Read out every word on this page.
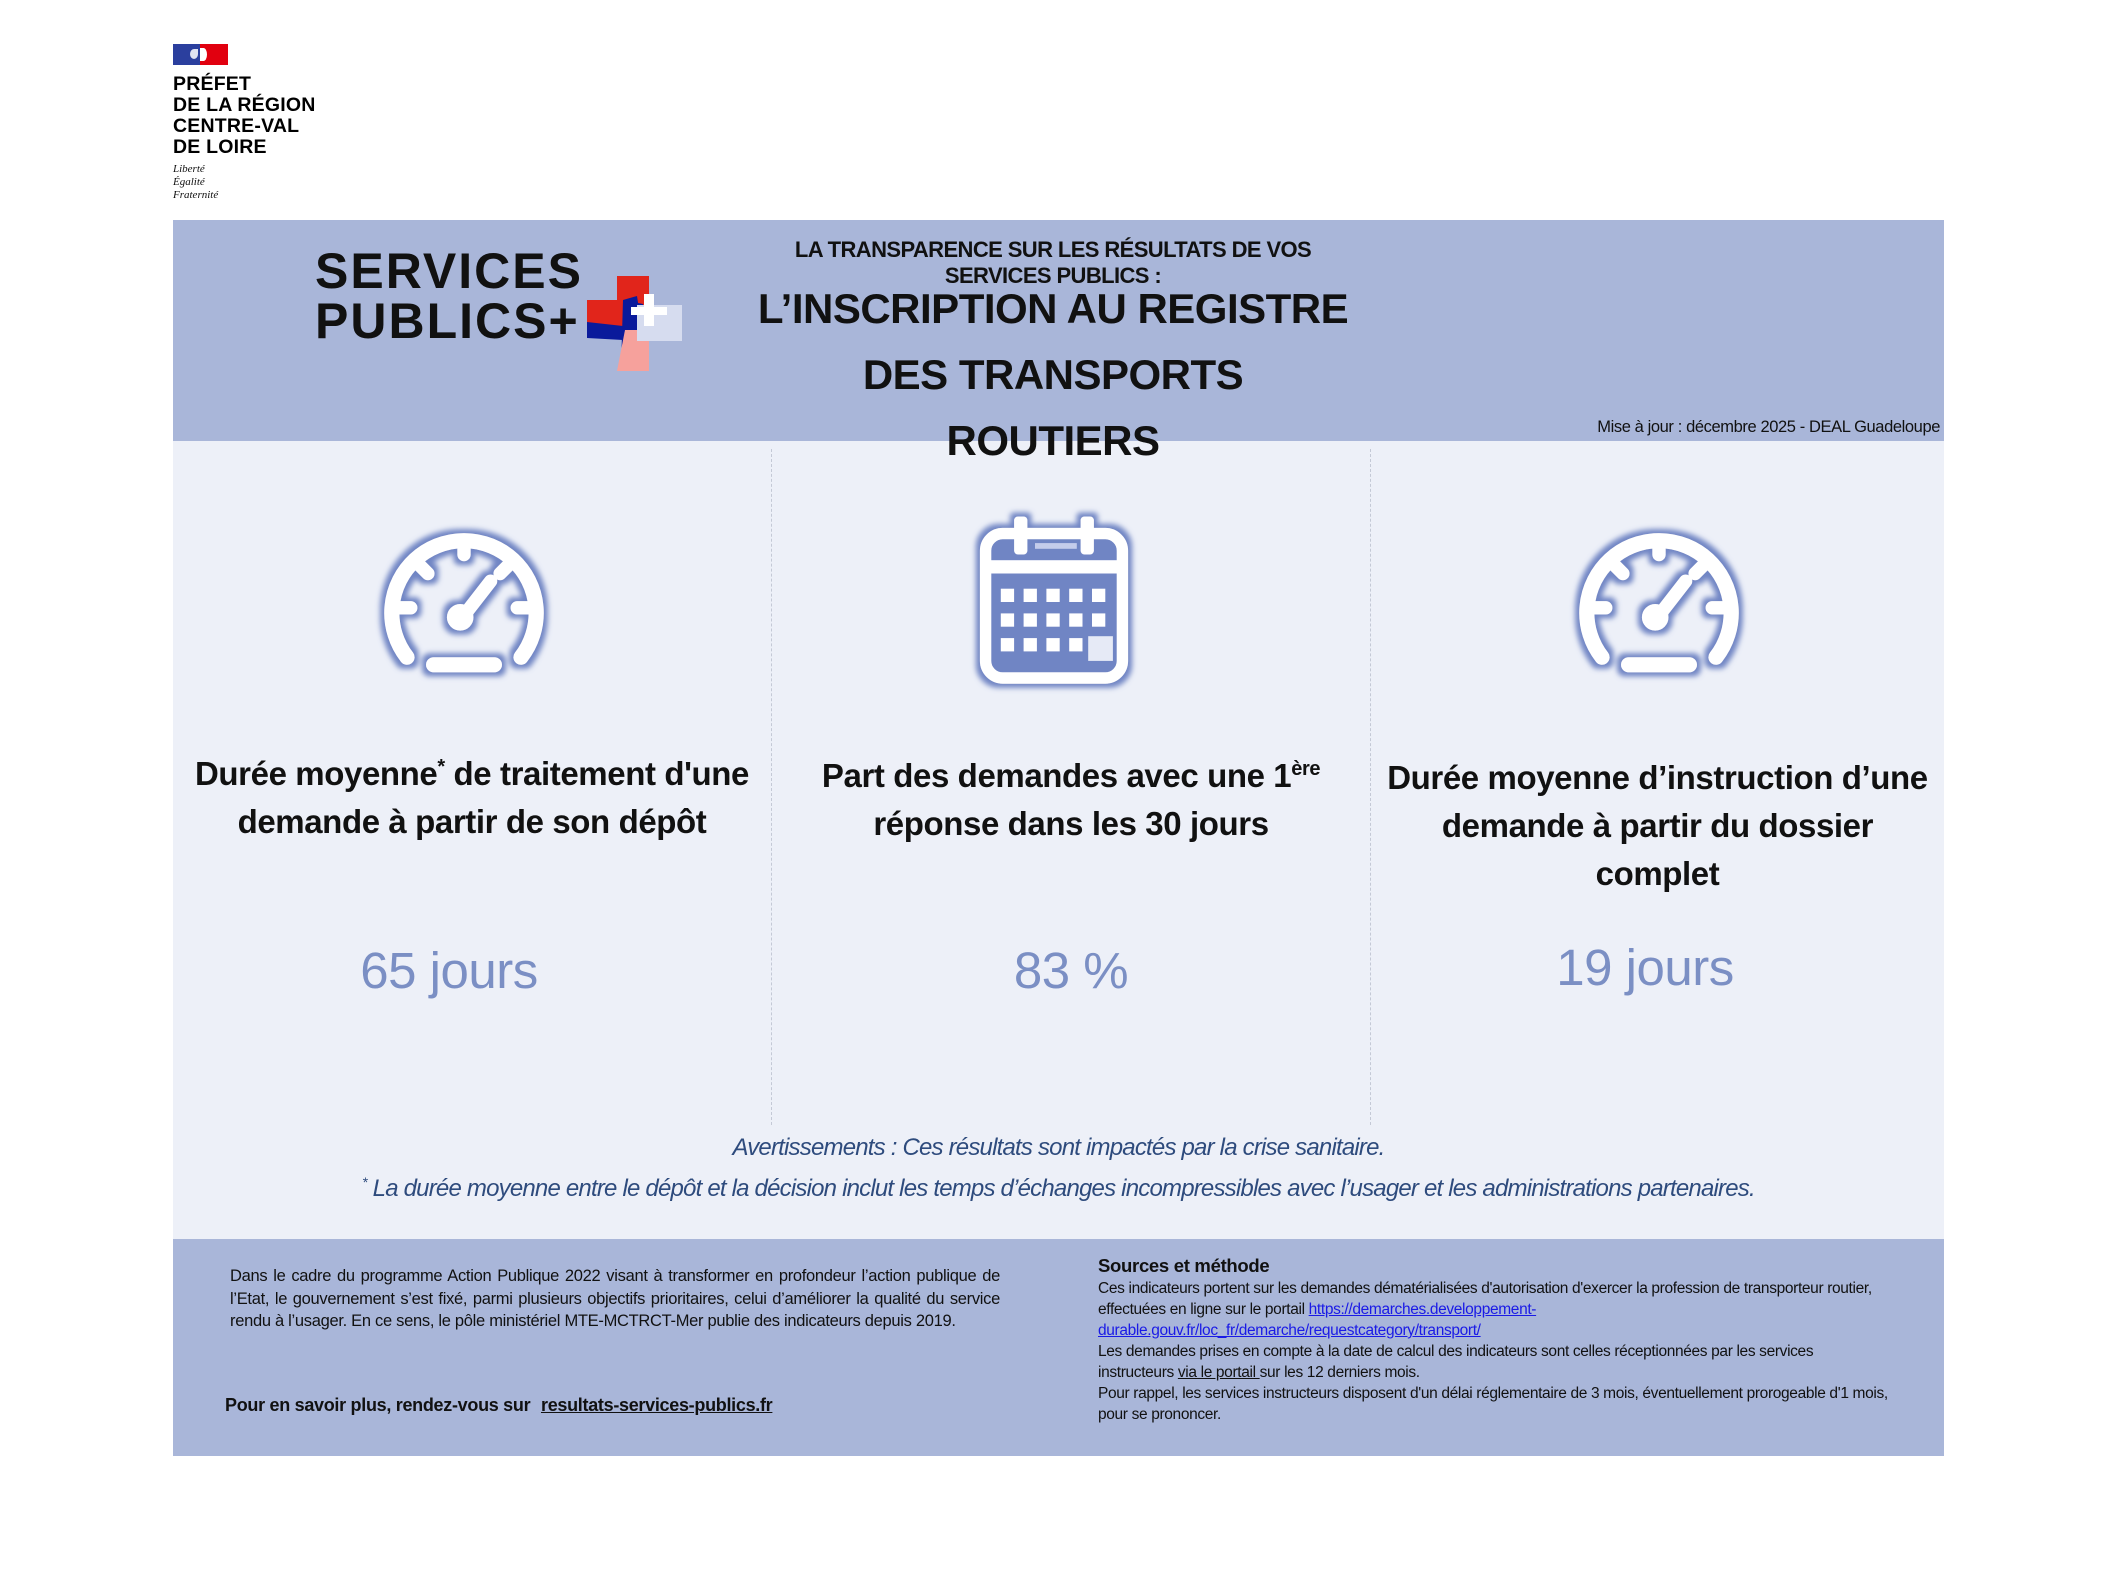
PRÉFET
DE LA RÉGION
CENTRE-VAL
DE LOIRE
Liberté
Égalité
Fraternité
SERVICES
PUBLICS+
LA TRANSPARENCE SUR LES RÉSULTATS DE VOS SERVICES PUBLICS :
L’INSCRIPTION AU REGISTRE
DES TRANSPORTS ROUTIERS	Mise à jour : décembre 2025 - DEAL Guadeloupe
Durée moyenne* de traitement d'une demande à partir de son dépôt
65 jours
Part des demandes avec une 1ère réponse dans les 30 jours
83 %
Durée moyenne d’instruction d’une demande à partir du dossier complet
19 jours
Avertissements : Ces résultats sont impactés par la crise sanitaire.
* La durée moyenne entre le dépôt et la décision inclut les temps d’échanges incompressibles avec l’usager et les administrations partenaires.
Dans le cadre du programme Action Publique 2022 visant à transformer en profondeur l’action publique de l’Etat, le gouvernement s’est fixé, parmi plusieurs objectifs prioritaires, celui d’améliorer la qualité du service rendu à l’usager. En ce sens, le pôle ministériel MTE-MCTRCT-Mer publie des indicateurs depuis 2019.
Pour en savoir plus, rendez-vous sur resultats-services-publics.fr
Sources et méthode

Ces indicateurs portent sur les demandes dématérialisées d'autorisation d'exercer la profession de transporteur routier, effectuées en ligne sur le portail https://demarches.developpement-durable.gouv.fr/loc_fr/demarche/requestcategory/transport/

Les demandes prises en compte à la date de calcul des indicateurs sont celles réceptionnées par les services instructeurs via le portail sur les 12 derniers mois.

Pour rappel, les services instructeurs disposent d'un délai réglementaire de 3 mois, éventuellement prorogeable d'1 mois, pour se prononcer.
